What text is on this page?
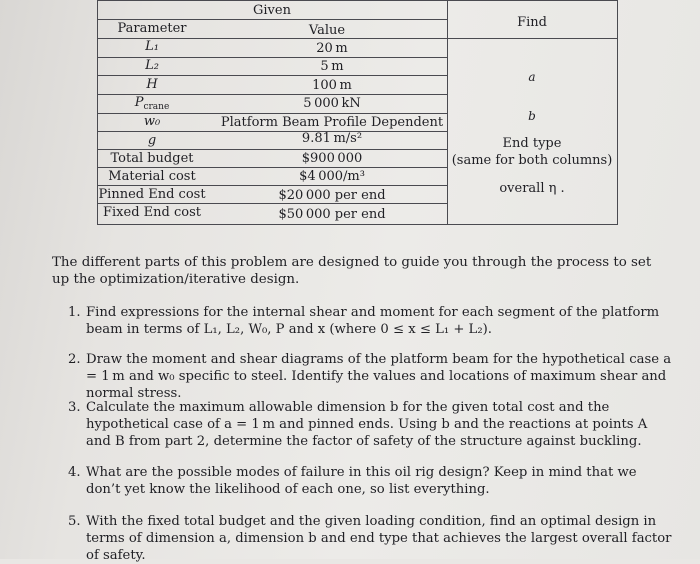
Given
Find
Parameter	Value
L₁	20 m
L₂	5 m
H	100 m
$P_{crane}$	5 000 kN
w₀	Platform Beam Profile Dependent
g	9.81 m/s²
Total budget	$900 000
Material cost	$4 000/m³
Pinned End cost	$20 000 per end
Fixed End cost	$50 000 per end
a
b
End type
(same for both columns)
overall η .
The different parts of this problem are designed to guide you through the process to set up the optimization/iterative design.
1. Find expressions for the internal shear and moment for each segment of the platform beam in terms of L₁, L₂, W₀, P and x (where 0 ≤ x ≤ L₁ + L₂).
2. Draw the moment and shear diagrams of the platform beam for the hypothetical case a = 1 m and w₀ specific to steel. Identify the values and locations of maximum shear and normal stress.
3. Calculate the maximum allowable dimension b for the given total cost and the hypothetical case of a = 1 m and pinned ends. Using b and the reactions at points A and B from part 2, determine the factor of safety of the structure against buckling.
4. What are the possible modes of failure in this oil rig design? Keep in mind that we don’t yet know the likelihood of each one, so list everything.
5. With the fixed total budget and the given loading condition, find an optimal design in terms of dimension a, dimension b and end type that achieves the largest overall factor of safety.
